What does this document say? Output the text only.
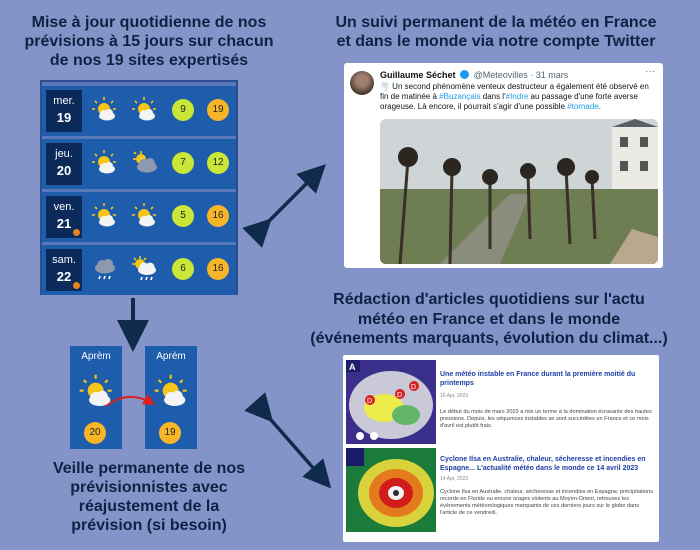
Mise à jour quotidienne de nos
prévisions à 15 jours sur chacun
de nos 19 sites expertisés
Un suivi permanent de la météo en France
et dans le monde via notre compte Twitter
Rédaction d'articles quotidiens sur l'actu
météo en France et dans le monde
(événements marquants, évolution du climat...)
Veille permanente de nos
prévisionnistes avec
réajustement de la
prévision (si besoin)
mer.
19
9	19
jeu.
20
7	12
ven.
21
5	16
sam.
22
6	16
Aprèm
20
Aprèm
19
Guillaume Séchet @Meteovilles · 31 mars	···
🌪️ Un second phénomène venteux destructeur a également été observé en fin de matinée à #Buzançais dans l'#Indre au passage d'une forte averse orageuse. Là encore, il pourrait s'agir d'une possible #tornade.
D
D
D
A
Une météo instable en France durant la première moitié du printemps
16 Apr, 2023
Le début du mois de mars 2023 a mis un terme à la domination écrasante des hautes pressions. Depuis, les séquences instables se sont succédées en France et ce mois d'avril est plutôt frais.
Cyclone Ilsa en Australie, chaleur, sécheresse et incendies en Espagne... L'actualité météo dans le monde ce 14 avril 2023
14 Apr, 2023
Cyclone Ilsa en Australie, chaleur, sécheresse et incendies en Espagne, précipitations records en Floride ou encore orages violents au Moyen-Orient, retrouvez les événements météorologiques marquants de ces derniers jours sur le globe dans l'article de ce vendredi.
